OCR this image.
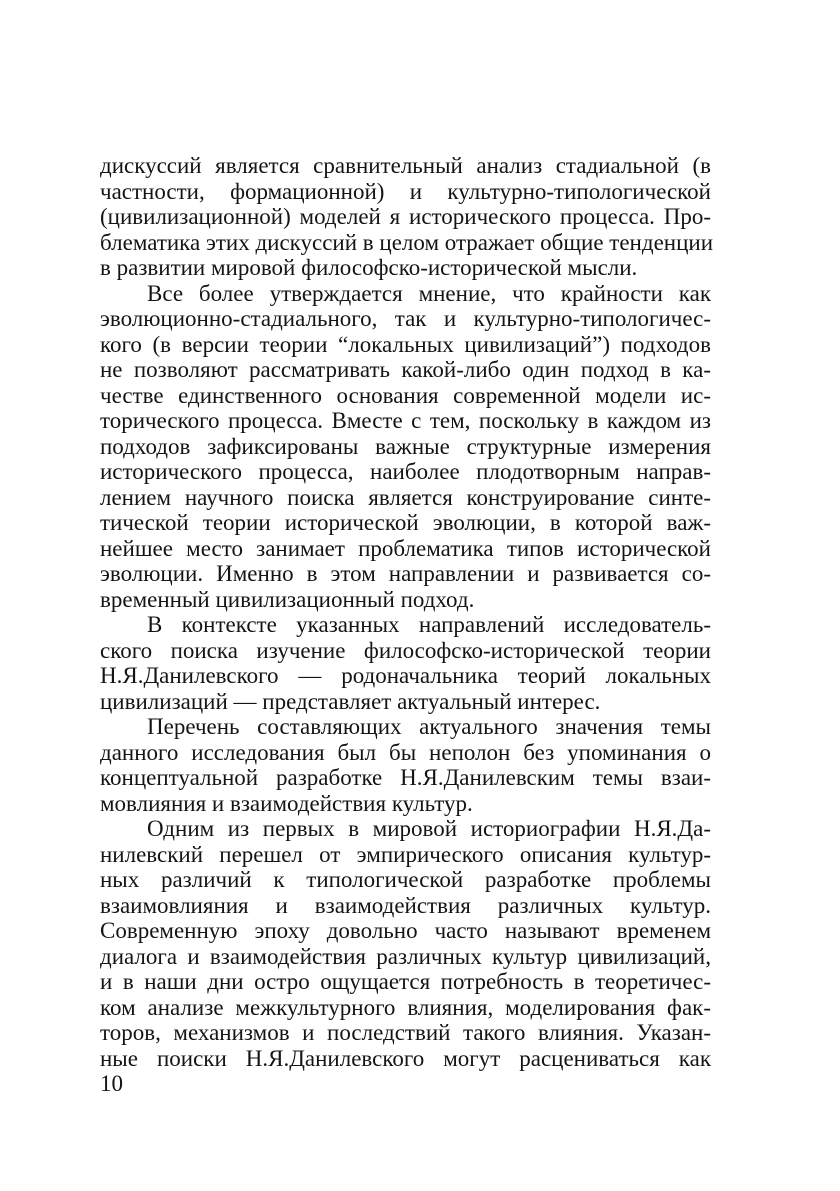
дискуссий является сравнительный анализ стадиальной (в
частности, формационной) и культурно-типологической
(цивилизационной) моделей я исторического процесса. Про-
блематика этих дискуссий в целом отражает общие тенденции
в развитии мировой философско-исторической мысли.
Все более утверждается мнение, что крайности как
эволюционно-стадиального, так и культурно-типологичес-
кого (в версии теории “локальных цивилизаций”) подходов
не позволяют рассматривать какой-либо один подход в ка-
честве единственного основания современной модели ис-
торического процесса. Вместе с тем, поскольку в каждом из
подходов зафиксированы важные структурные измерения
исторического процесса, наиболее плодотворным направ-
лением научного поиска является конструирование синте-
тической теории исторической эволюции, в которой важ-
нейшее место занимает проблематика типов исторической
эволюции. Именно в этом направлении и развивается со-
временный цивилизационный подход.
В контексте указанных направлений исследователь-
ского поиска изучение философско-исторической теории
Н.Я.Данилевского — родоначальника теорий локальных
цивилизаций — представляет актуальный интерес.
Перечень составляющих актуального значения темы
данного исследования был бы неполон без упоминания о
концептуальной разработке Н.Я.Данилевским темы взаи-
мовлияния и взаимодействия культур.
Одним из первых в мировой историографии Н.Я.Да-
нилевский перешел от эмпирического описания культур-
ных различий к типологической разработке проблемы
взаимовлияния и взаимодействия различных культур.
Современную эпоху довольно часто называют временем
диалога и взаимодействия различных культур цивилизаций,
и в наши дни остро ощущается потребность в теоретичес-
ком анализе межкультурного влияния, моделирования фак-
торов, механизмов и последствий такого влияния. Указан-
ные поиски Н.Я.Данилевского могут расцениваться как
10
